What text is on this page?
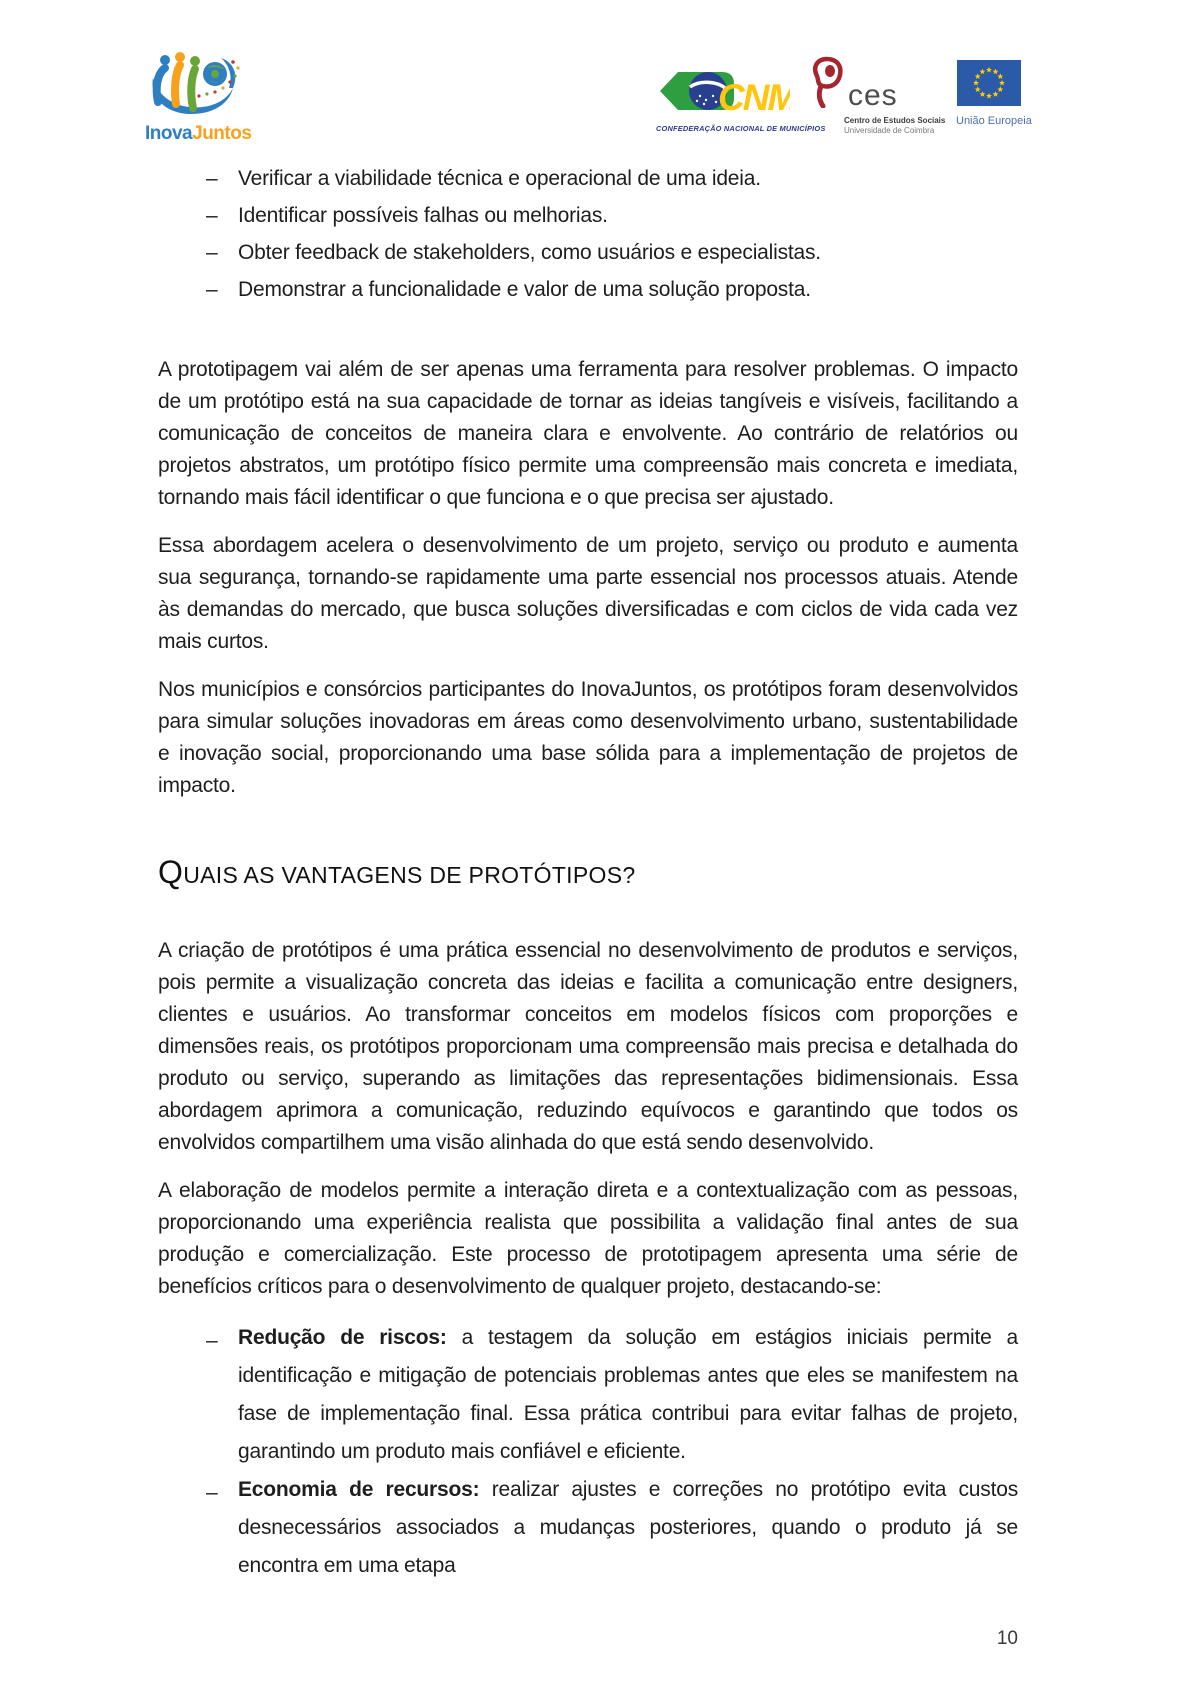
InovaJuntos
CNM
CONFEDERAÇÃO NACIONAL DE MUNICÍPIOS
ces
Centro de Estudos Sociais
Universidade de Coimbra
União Europeia
– Verificar a viabilidade técnica e operacional de uma ideia.
– Identificar possíveis falhas ou melhorias.
– Obter feedback de stakeholders, como usuários e especialistas.
– Demonstrar a funcionalidade e valor de uma solução proposta.

A prototipagem vai além de ser apenas uma ferramenta para resolver problemas. O impacto de um protótipo está na sua capacidade de tornar as ideias tangíveis e visíveis, facilitando a comunicação de conceitos de maneira clara e envolvente. Ao contrário de relatórios ou projetos abstratos, um protótipo físico permite uma compreensão mais concreta e imediata, tornando mais fácil identificar o que funciona e o que precisa ser ajustado.

Essa abordagem acelera o desenvolvimento de um projeto, serviço ou produto e aumenta sua segurança, tornando-se rapidamente uma parte essencial nos processos atuais. Atende às demandas do mercado, que busca soluções diversificadas e com ciclos de vida cada vez mais curtos.

Nos municípios e consórcios participantes do InovaJuntos, os protótipos foram desenvolvidos para simular soluções inovadoras em áreas como desenvolvimento urbano, sustentabilidade e inovação social, proporcionando uma base sólida para a implementação de projetos de impacto.

QUAIS AS VANTAGENS DE PROTÓTIPOS?

A criação de protótipos é uma prática essencial no desenvolvimento de produtos e serviços, pois permite a visualização concreta das ideias e facilita a comunicação entre designers, clientes e usuários. Ao transformar conceitos em modelos físicos com proporções e dimensões reais, os protótipos proporcionam uma compreensão mais precisa e detalhada do produto ou serviço, superando as limitações das representações bidimensionais. Essa abordagem aprimora a comunicação, reduzindo equívocos e garantindo que todos os envolvidos compartilhem uma visão alinhada do que está sendo desenvolvido.

A elaboração de modelos permite a interação direta e a contextualização com as pessoas, proporcionando uma experiência realista que possibilita a validação final antes de sua produção e comercialização. Este processo de prototipagem apresenta uma série de benefícios críticos para o desenvolvimento de qualquer projeto, destacando-se:

– Redução de riscos: a testagem da solução em estágios iniciais permite a identificação e mitigação de potenciais problemas antes que eles se manifestem na fase de implementação final. Essa prática contribui para evitar falhas de projeto, garantindo um produto mais confiável e eficiente.
– Economia de recursos: realizar ajustes e correções no protótipo evita custos desnecessários associados a mudanças posteriores, quando o produto já se encontra em uma etapa
10
